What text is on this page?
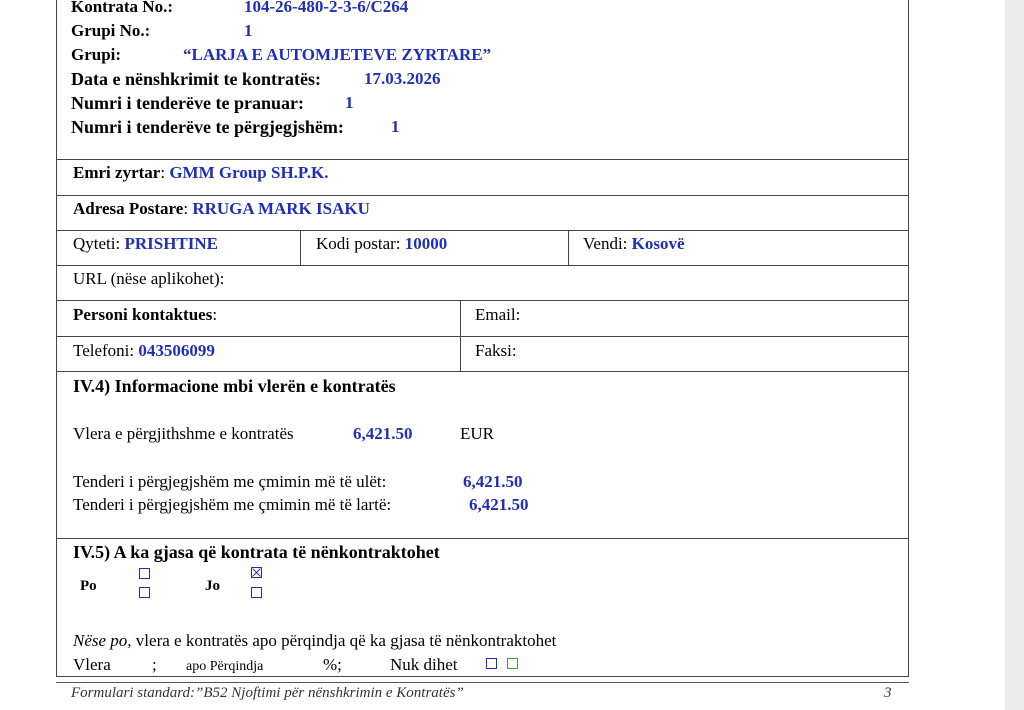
Kontrata No.:	104-26-480-2-3-6/C264
Grupi No.:	1
Grupi:	“LARJA E AUTOMJETEVE ZYRTARE”
Data e nënshkrimit te kontratës:	17.03.2026
Numri i tenderëve te pranuar: 1
Numri i tenderëve te përgjegjshëm:	1
Emri zyrtar: GMM Group SH.P.K.
Adresa Postare: RRUGA MARK ISAKU
Qyteti: PRISHTINE	Kodi postar: 10000	Vendi: Kosovë
URL (nëse aplikohet):
Personi kontaktues:	Email:
Telefoni: 043506099	Faksi:
IV.4) Informacione mbi vlerën e kontratës
Vlera e përgjithshme e kontratës	6,421.50	EUR
Tenderi i përgjegjshëm me çmimin më të ulët:	6,421.50
Tenderi i përgjegjshëm me çmimin më të lartë:	6,421.50
IV.5) A ka gjasa që kontrata të nënkontraktohet
Po	Jo
Nëse po, vlera e kontratës apo përqindja që ka gjasa të nënkontraktohet
Vlera ; apo Përqindja	%;	Nuk dihet
Formulari standard:”B52 Njoftimi për nënshkrimin e Kontratës”	3
